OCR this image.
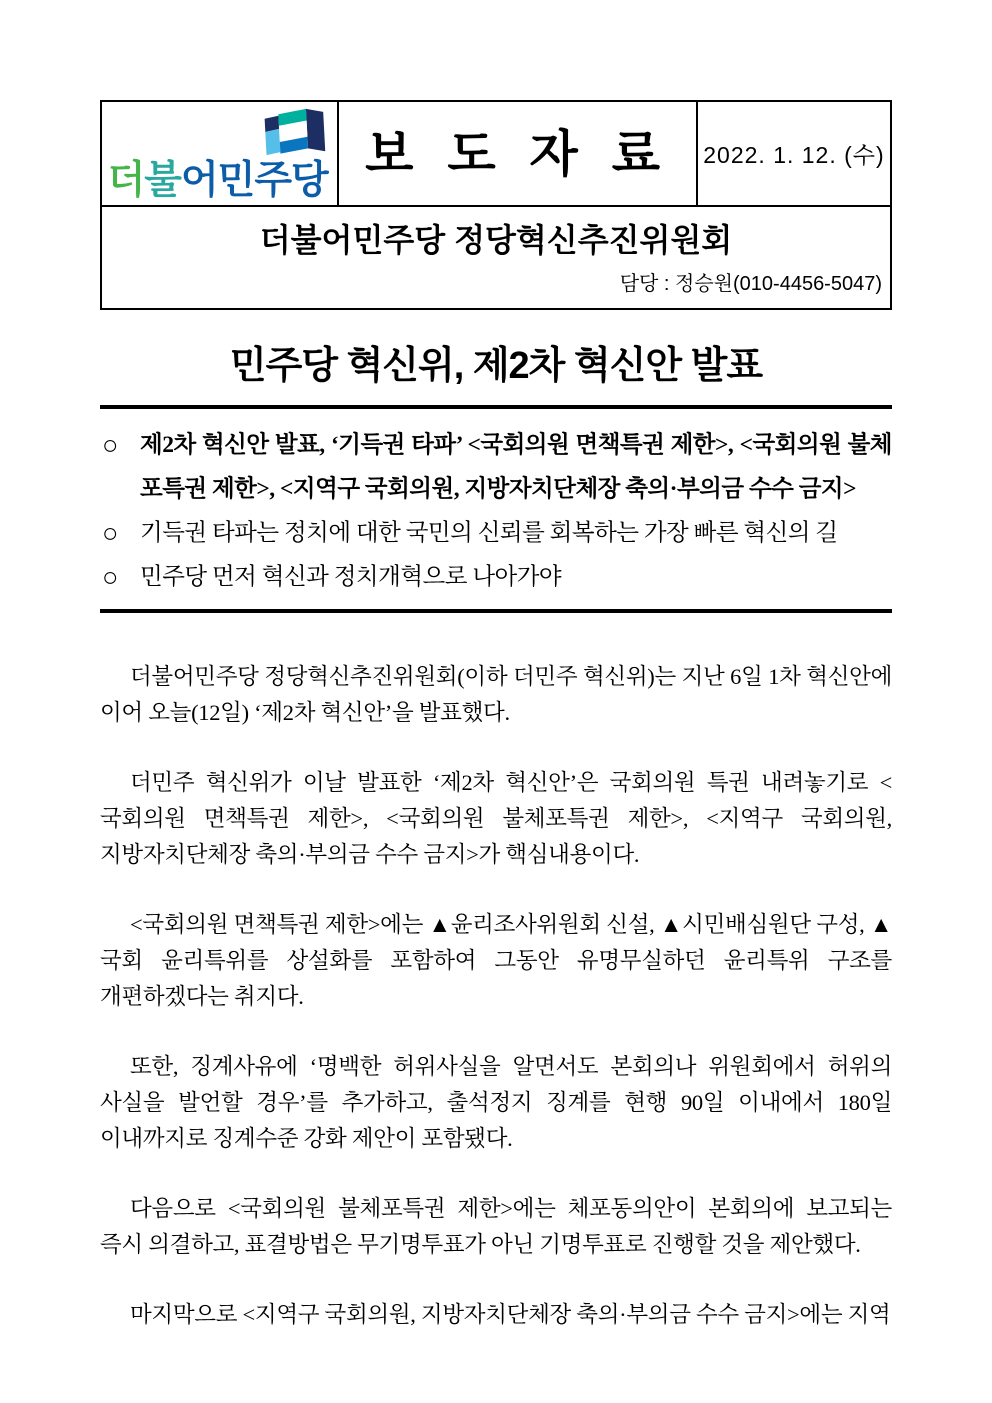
더불어민주당	보 도 자 료	2022. 1. 12. (수)

더불어민주당 정당혁신추진위원회
담당 : 정승원(010-4456-5047)
민주당 혁신위, 제2차 혁신안 발표
○ 제2차 혁신안 발표, ‘기득권 타파’ <국회의원 면책특권 제한>, <국회의원 불체포특권 제한>, <지역구 국회의원, 지방자치단체장 축의·부의금 수수 금지>
○ 기득권 타파는 정치에 대한 국민의 신뢰를 회복하는 가장 빠른 혁신의 길
○ 민주당 먼저 혁신과 정치개혁으로 나아가야

더불어민주당 정당혁신추진위원회(이하 더민주 혁신위)는 지난 6일 1차 혁신안에 이어 오늘(12일) ‘제2차 혁신안’을 발표했다.

더민주 혁신위가 이날 발표한 ‘제2차 혁신안’은 국회의원 특권 내려놓기로 <국회의원 면책특권 제한>, <국회의원 불체포특권 제한>, <지역구 국회의원, 지방자치단체장 축의·부의금 수수 금지>가 핵심내용이다.

<국회의원 면책특권 제한>에는 ▲윤리조사위원회 신설, ▲시민배심원단 구성, ▲국회 윤리특위를 상설화를 포함하여 그동안 유명무실하던 윤리특위 구조를 개편하겠다는 취지다.

또한, 징계사유에 ‘명백한 허위사실을 알면서도 본회의나 위원회에서 허위의 사실을 발언할 경우’를 추가하고, 출석정지 징계를 현행 90일 이내에서 180일 이내까지로 징계수준 강화 제안이 포함됐다.

다음으로 <국회의원 불체포특권 제한>에는 체포동의안이 본회의에 보고되는 즉시 의결하고, 표결방법은 무기명투표가 아닌 기명투표로 진행할 것을 제안했다.

마지막으로 <지역구 국회의원, 지방자치단체장 축의·부의금 수수 금지>에는 지역
